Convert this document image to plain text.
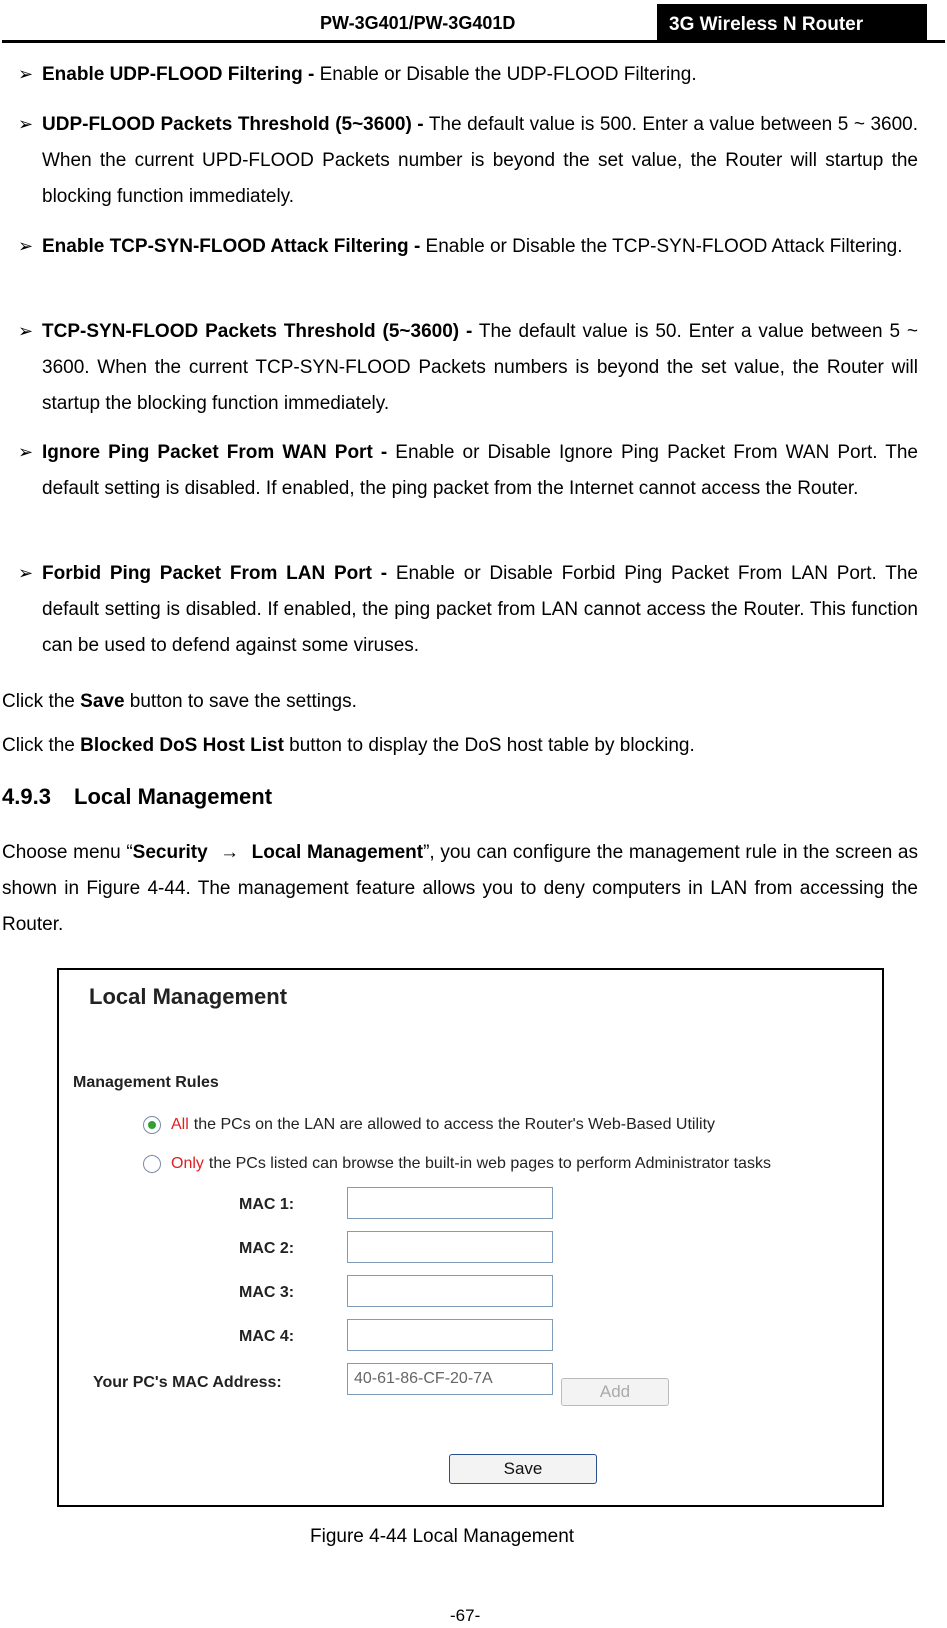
PW-3G401/PW-3G401D	3G Wireless N Router
➢ Enable UDP-FLOOD Filtering - Enable or Disable the UDP-FLOOD Filtering.
➢ UDP-FLOOD Packets Threshold (5~3600) - The default value is 500. Enter a value between 5 ~ 3600. When the current UPD-FLOOD Packets number is beyond the set value, the Router will startup the blocking function immediately.
➢ Enable TCP-SYN-FLOOD Attack Filtering - Enable or Disable the TCP-SYN-FLOOD Attack Filtering.
➢ TCP-SYN-FLOOD Packets Threshold (5~3600) - The default value is 50. Enter a value between 5 ~ 3600. When the current TCP-SYN-FLOOD Packets numbers is beyond the set value, the Router will startup the blocking function immediately.
➢ Ignore Ping Packet From WAN Port - Enable or Disable Ignore Ping Packet From WAN Port. The default setting is disabled. If enabled, the ping packet from the Internet cannot access the Router.
➢ Forbid Ping Packet From LAN Port - Enable or Disable Forbid Ping Packet From LAN Port. The default setting is disabled. If enabled, the ping packet from LAN cannot access the Router. This function can be used to defend against some viruses.
Click the Save button to save the settings.
Click the Blocked DoS Host List button to display the DoS host table by blocking.
4.9.3 Local Management
Choose menu “Security → Local Management”, you can configure the management rule in the screen as shown in Figure 4-44. The management feature allows you to deny computers in LAN from accessing the Router.
Local Management
Management Rules
All the PCs on the LAN are allowed to access the Router's Web-Based Utility
Only the PCs listed can browse the built-in web pages to perform Administrator tasks
MAC 1:
MAC 2:
MAC 3:
MAC 4:
Your PC's MAC Address:
40-61-86-CF-20-7A	Add
Save
Figure 4-44 Local Management
-67-
